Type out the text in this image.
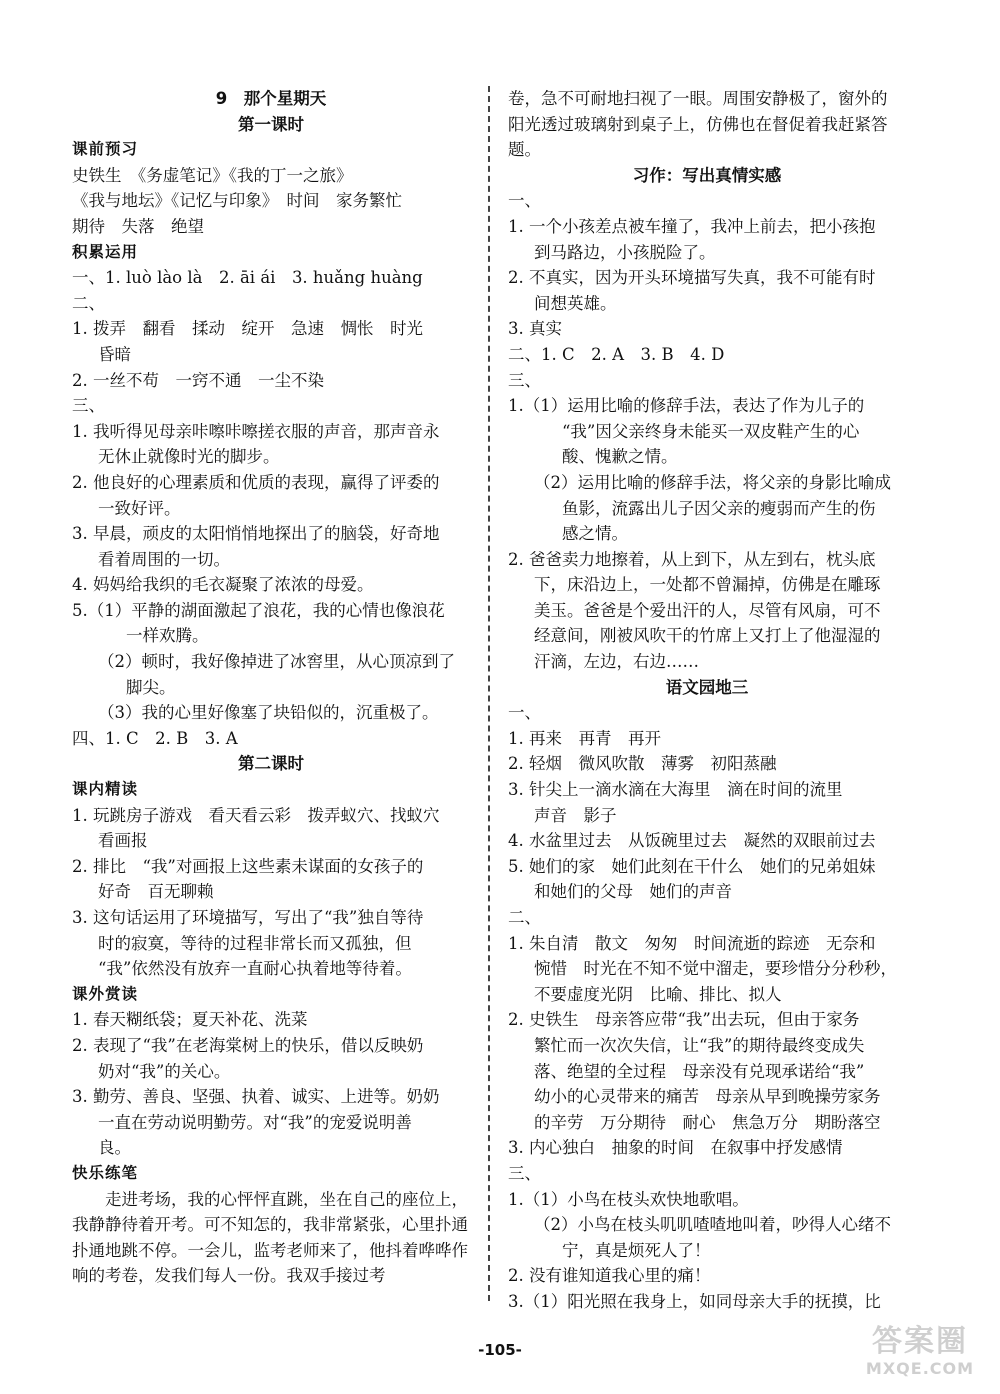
9　那个星期天
第一课时
课前预习
史铁生　《务虚笔记》《我的丁一之旅》
《我与地坛》《记忆与印象》　时间　家务繁忙
期待　失落　绝望
积累运用
一、1. luò lào là　2. āi ái　3. huǎng huàng
二、
1. 拨弄　翻看　揉动　绽开　急速　惆怅　时光
昏暗
2. 一丝不苟　一窍不通　一尘不染
三、
1. 我听得见母亲咔嚓咔嚓搓衣服的声音，那声音永
无休止就像时光的脚步。
2. 他良好的心理素质和优质的表现，赢得了评委的
一致好评。
3. 早晨，顽皮的太阳悄悄地探出了的脑袋，好奇地
看着周围的一切。
4. 妈妈给我织的毛衣凝聚了浓浓的母爱。
5.（1）平静的湖面激起了浪花，我的心情也像浪花
一样欢腾。
（2）顿时，我好像掉进了冰窖里，从心顶凉到了
脚尖。
（3）我的心里好像塞了块铅似的，沉重极了。
四、1. C　2. B　3. A
第二课时
课内精读
1. 玩跳房子游戏　看天看云彩　拨弄蚁穴、找蚁穴
看画报
2. 排比　“我”对画报上这些素未谋面的女孩子的
好奇　百无聊赖
3. 这句话运用了环境描写，写出了“我”独自等待
时的寂寞，等待的过程非常长而又孤独，但
“我”依然没有放弃一直耐心执着地等待着。
课外赏读
1. 春天糊纸袋；夏天补花、洗菜
2. 表现了“我”在老海棠树上的快乐，借以反映奶
奶对“我”的关心。
3. 勤劳、善良、坚强、执着、诚实、上进等。奶奶
一直在劳动说明勤劳。对“我”的宠爱说明善
良。
快乐练笔
走进考场，我的心怦怦直跳，坐在自己的座位上，我静静待着开考。可不知怎的，我非常紧张，心里扑通扑通地跳不停。一会儿，监考老师来了，他抖着哗哗作响的考卷，发我们每人一份。我双手接过考
卷，急不可耐地扫视了一眼。周围安静极了，窗外的
阳光透过玻璃射到桌子上，仿佛也在督促着我赶紧答
题。
习作：写出真情实感
一、
1. 一个小孩差点被车撞了，我冲上前去，把小孩抱
到马路边，小孩脱险了。
2. 不真实，因为开头环境描写失真，我不可能有时
间想英雄。
3. 真实
二、1. C　2. A　3. B　4. D
三、
1.（1）运用比喻的修辞手法，表达了作为儿子的
“我”因父亲终身未能买一双皮鞋产生的心
酸、愧歉之情。
（2）运用比喻的修辞手法，将父亲的身影比喻成
鱼影，流露出儿子因父亲的瘦弱而产生的伤
感之情。
2. 爸爸卖力地擦着，从上到下，从左到右，枕头底
下，床沿边上，一处都不曾漏掉，仿佛是在雕琢
美玉。爸爸是个爱出汗的人，尽管有风扇，可不
经意间，刚被风吹干的竹席上又打上了他湿湿的
汗滴，左边，右边……
语文园地三
一、
1. 再来　再青　再开
2. 轻烟　微风吹散　薄雾　初阳蒸融
3. 针尖上一滴水滴在大海里　滴在时间的流里
声音　影子
4. 水盆里过去　从饭碗里过去　凝然的双眼前过去
5. 她们的家　她们此刻在干什么　她们的兄弟姐妹
和她们的父母　她们的声音
二、
1. 朱自清　散文　匆匆　时间流逝的踪迹　无奈和
惋惜　时光在不知不觉中溜走，要珍惜分分秒秒，
不要虚度光阴　比喻、排比、拟人
2. 史铁生　母亲答应带“我”出去玩，但由于家务
繁忙而一次次失信，让“我”的期待最终变成失
落、绝望的全过程　母亲没有兑现承诺给“我”
幼小的心灵带来的痛苦　母亲从早到晚操劳家务
的辛劳　万分期待　耐心　焦急万分　期盼落空
3. 内心独白　抽象的时间　在叙事中抒发感情
三、
1.（1）小鸟在枝头欢快地歌唱。
（2）小鸟在枝头叽叽喳喳地叫着，吵得人心绪不
宁，真是烦死人了！
2. 没有谁知道我心里的痛！
3.（1）阳光照在我身上，如同母亲大手的抚摸，比
-105-	答案圈
MXQE.COM
